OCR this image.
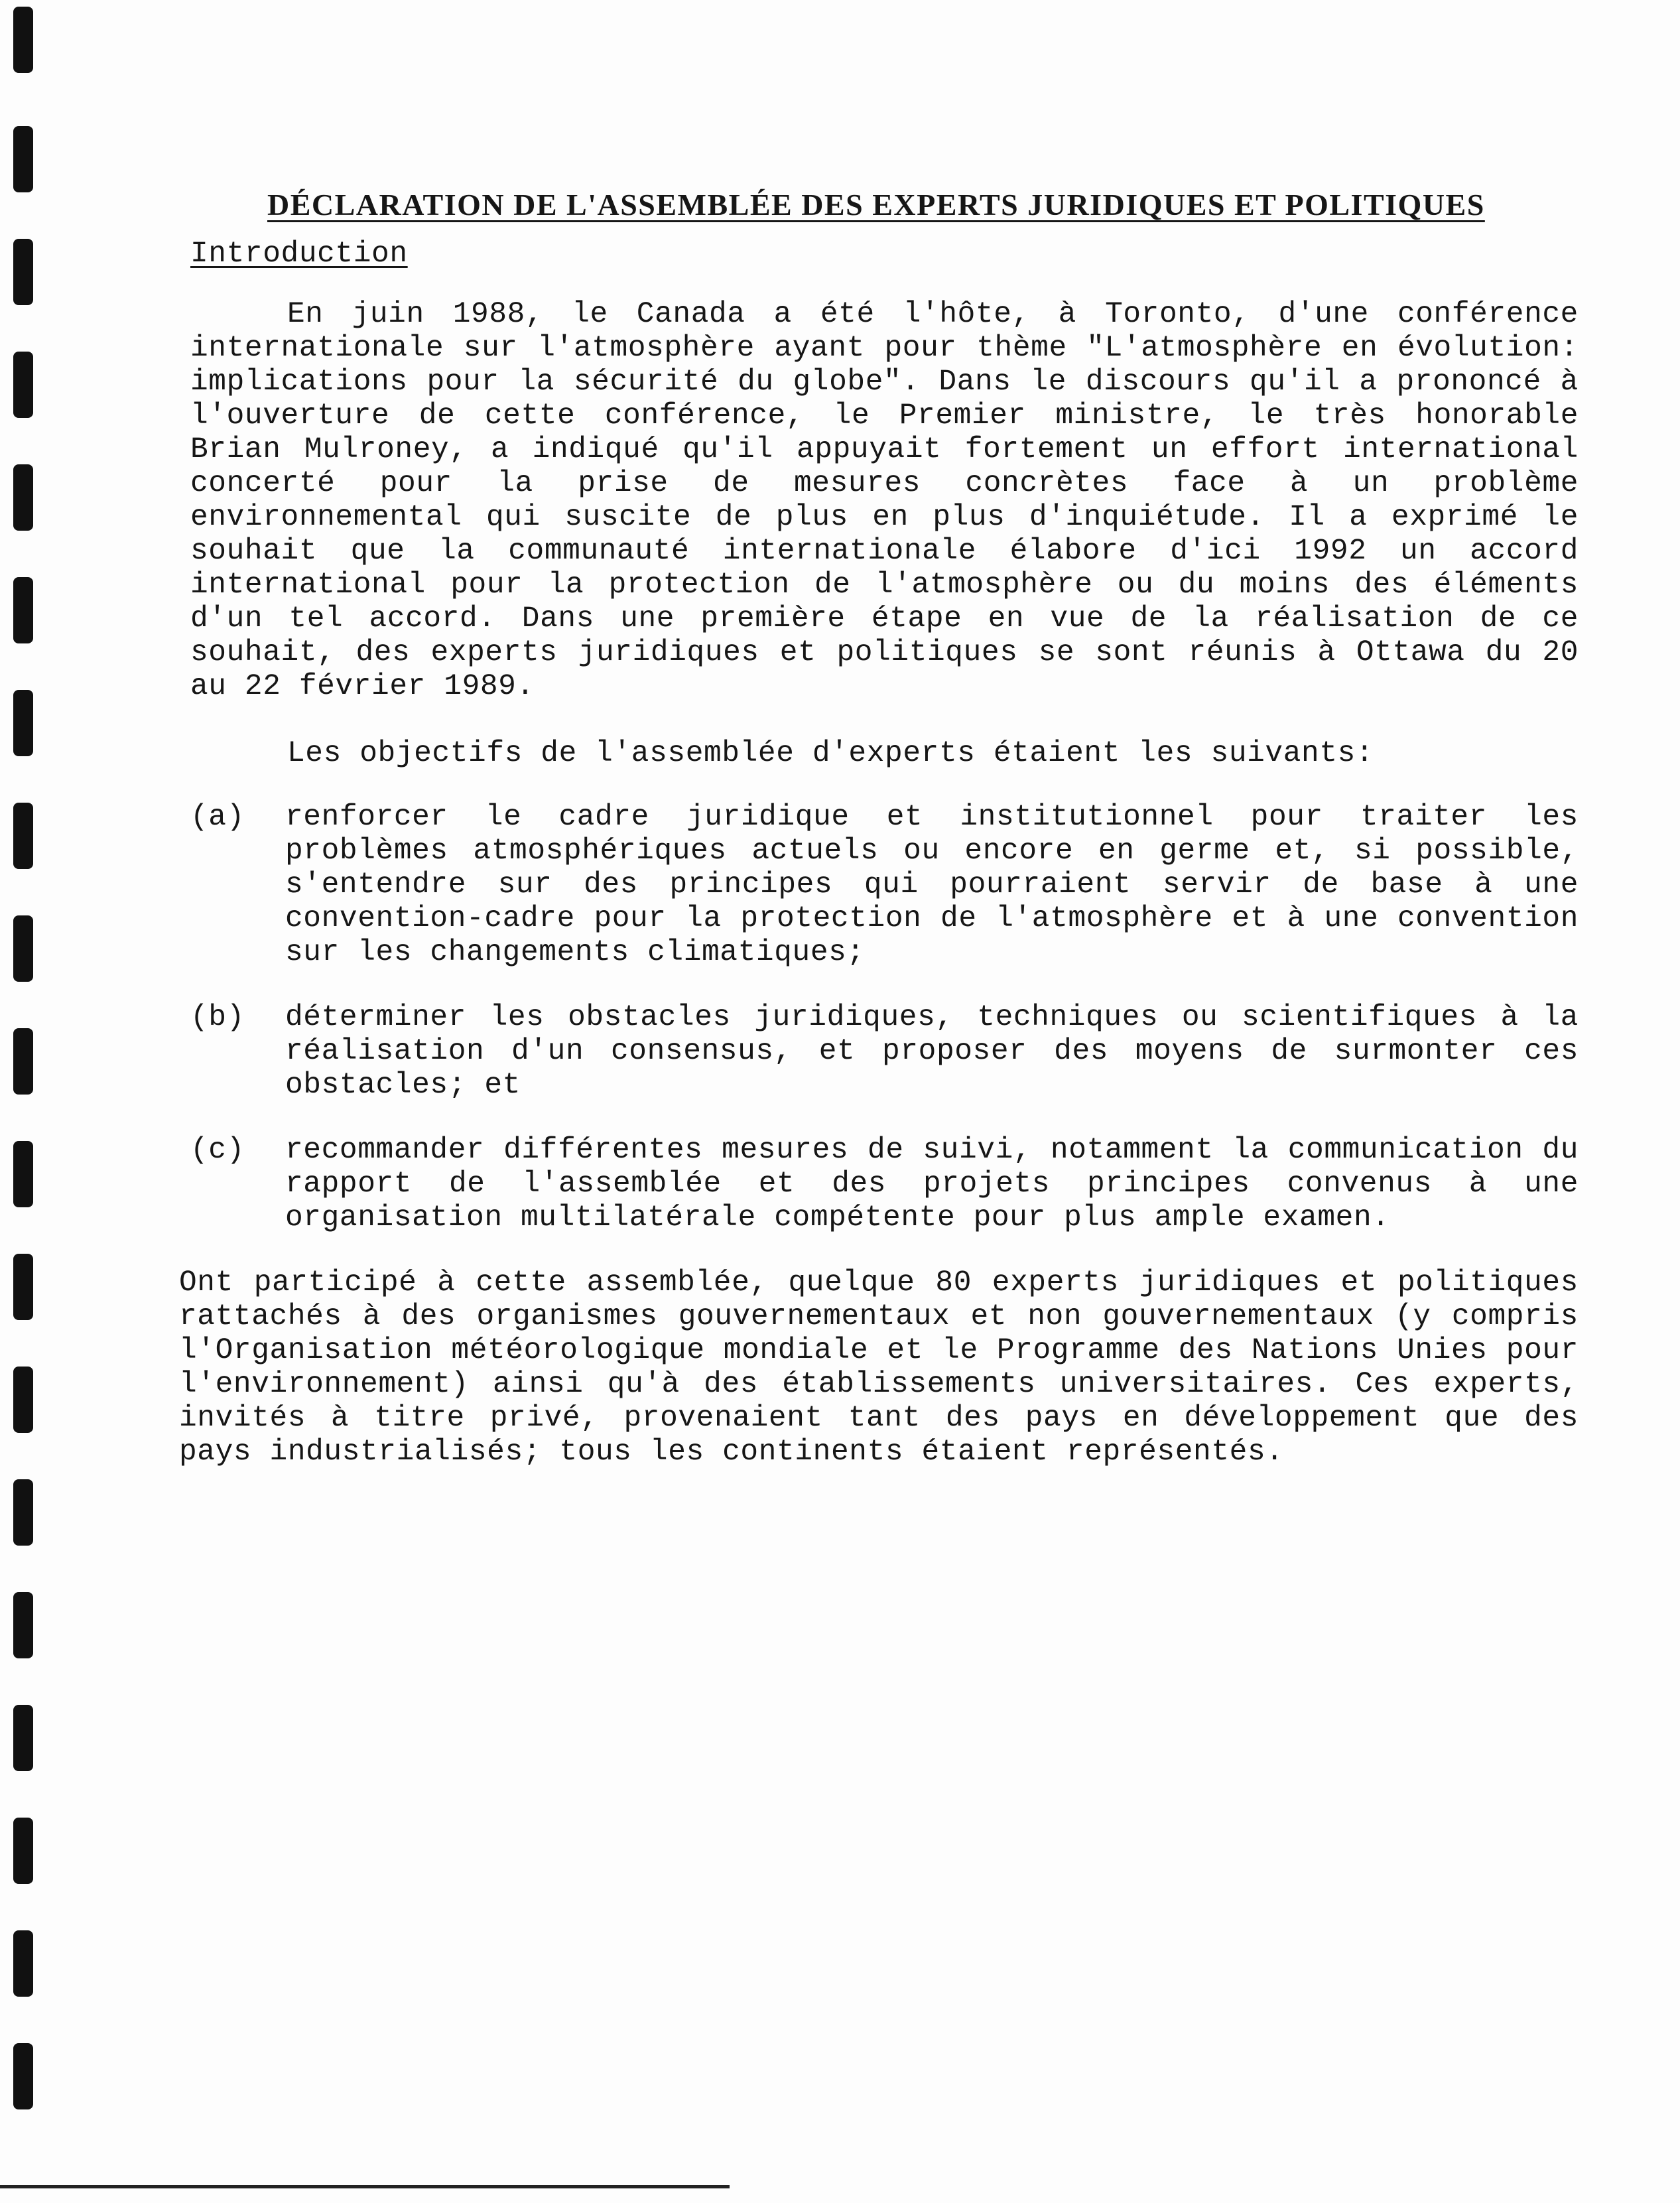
DÉCLARATION DE L'ASSEMBLÉE DES EXPERTS JURIDIQUES ET POLITIQUES
Introduction

En juin 1988, le Canada a été l'hôte, à Toronto, d'une conférence internationale sur l'atmosphère ayant pour thème "L'atmosphère en évolution: implications pour la sécurité du globe". Dans le discours qu'il a prononcé à l'ouverture de cette conférence, le Premier ministre, le très honorable Brian Mulroney, a indiqué qu'il appuyait fortement un effort international concerté pour la prise de mesures concrètes face à un problème environnemental qui suscite de plus en plus d'inquiétude. Il a exprimé le souhait que la communauté internationale élabore d'ici 1992 un accord international pour la protection de l'atmosphère ou du moins des éléments d'un tel accord. Dans une première étape en vue de la réalisation de ce souhait, des experts juridiques et politiques se sont réunis à Ottawa du 20 au 22 février 1989.

Les objectifs de l'assemblée d'experts étaient les suivants:

(a)	renforcer le cadre juridique et institutionnel pour traiter les problèmes atmosphériques actuels ou encore en germe et, si possible, s'entendre sur des principes qui pourraient servir de base à une convention-cadre pour la protection de l'atmosphère et à une convention sur les changements climatiques;
(b)	déterminer les obstacles juridiques, techniques ou scientifiques à la réalisation d'un consensus, et proposer des moyens de surmonter ces obstacles; et
(c)	recommander différentes mesures de suivi, notamment la communication du rapport de l'assemblée et des projets principes convenus à une organisation multilatérale compétente pour plus ample examen.

Ont participé à cette assemblée, quelque 80 experts juridiques et politiques rattachés à des organismes gouvernementaux et non gouvernementaux (y compris l'Organisation météorologique mondiale et le Programme des Nations Unies pour l'environnement) ainsi qu'à des établissements universitaires. Ces experts, invités à titre privé, provenaient tant des pays en développement que des pays industrialisés; tous les continents étaient représentés.
